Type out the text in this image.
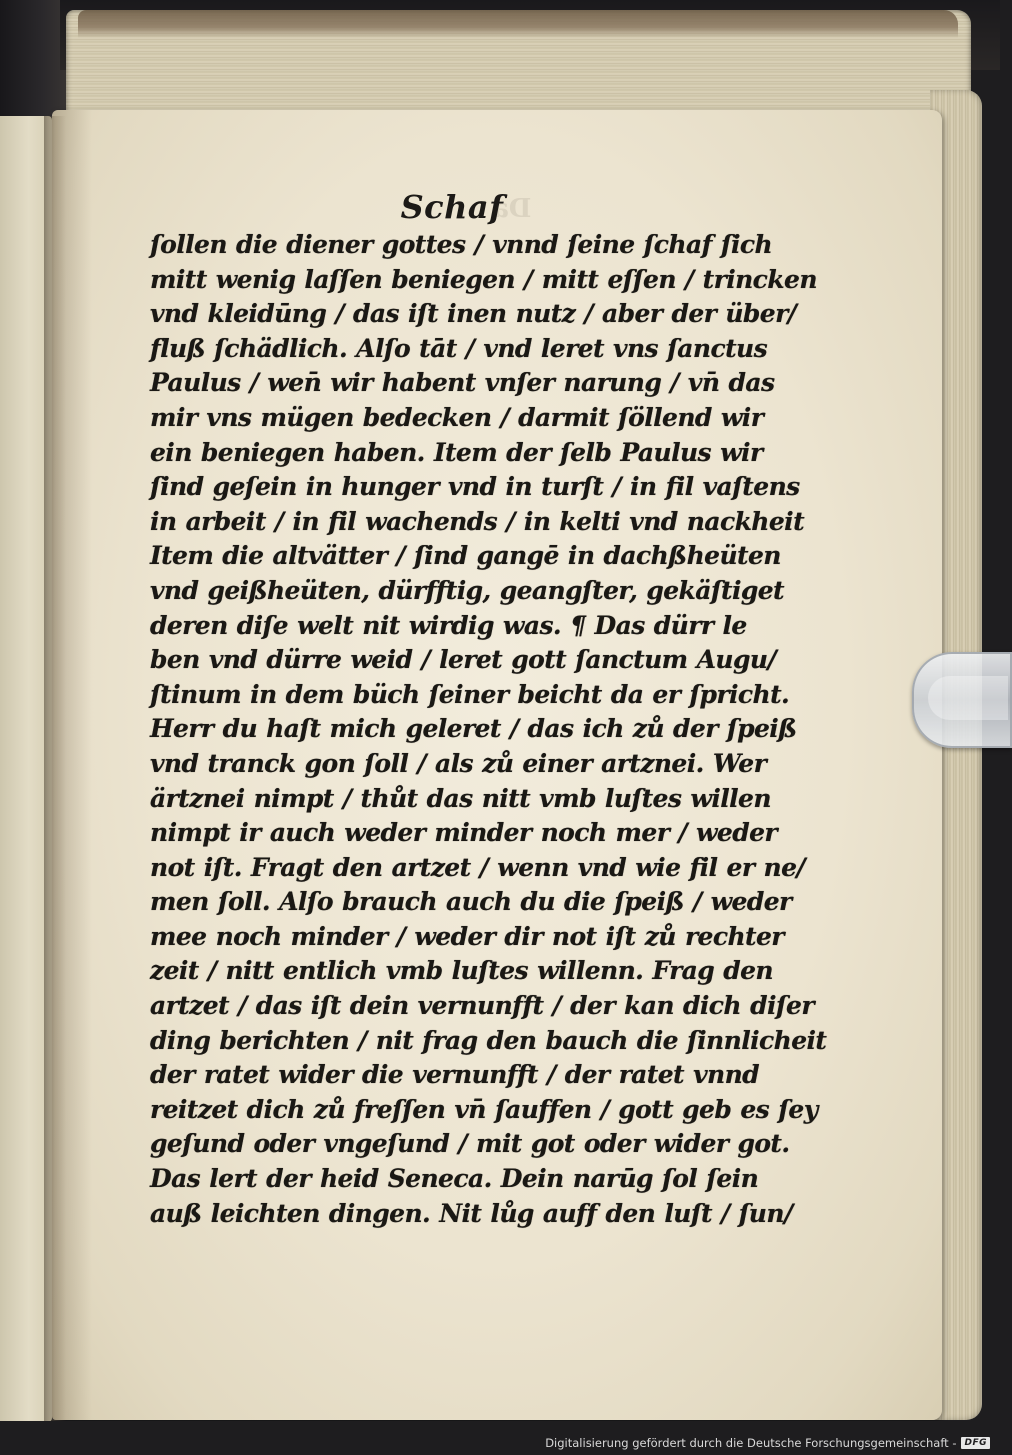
Da
Schaf
ſollen die diener gottes / vnnd ſeine ſchaf ſich
mitt wenig laſſen beniegen / mitt eſſen / trincken
vnd kleidūng / das iſt inen nutz / aber der über/
fluß ſchädlich. Alſo tāt / vnd leret vns ſanctus
Paulus / wen̄ wir habent vnſer narung / vn̄ das
mir vns mügen bedecken / darmit ſöllend wir
ein beniegen haben. Item der ſelb Paulus wir
ſind geſein in hunger vnd in turſt / in fil vaſtens
in arbeit / in fil wachends / in kelti vnd nackheit
Item die altvätter / ſind gangē in dachßheüten
vnd geißheüten, dürfftig, geangſter, gekäſtiget
deren diſe welt nit wirdig was. ¶ Das dürr le
ben vnd dürre weid / leret gott ſanctum Augu/
ſtinum in dem büch ſeiner beicht da er ſpricht.
Herr du haſt mich geleret / das ich zů der ſpeiß
vnd tranck gon ſoll / als zů einer artznei. Wer
ärtznei nimpt / thůt das nitt vmb luſtes willen
nimpt ir auch weder minder noch mer / weder
not iſt. Fragt den artzet / wenn vnd wie fil er ne/
men ſoll. Alſo brauch auch du die ſpeiß / weder
mee noch minder / weder dir not iſt zů rechter
zeit / nitt entlich vmb luſtes willenn. Frag den
artzet / das iſt dein vernunfft / der kan dich diſer
ding berichten / nit frag den bauch die ſinnlicheit
der ratet wider die vernunfft / der ratet vnnd
reitzet dich zů freſſen vn̄ ſauffen / gott geb es ſey
geſund oder vngeſund / mit got oder wider got.
Das lert der heid Seneca. Dein narūg ſol ſein
auß leichten dingen. Nit lůg auff den luſt / ſun/
Digitalisierung gefördert durch die Deutsche Forschungsgemeinschaft - DFG
